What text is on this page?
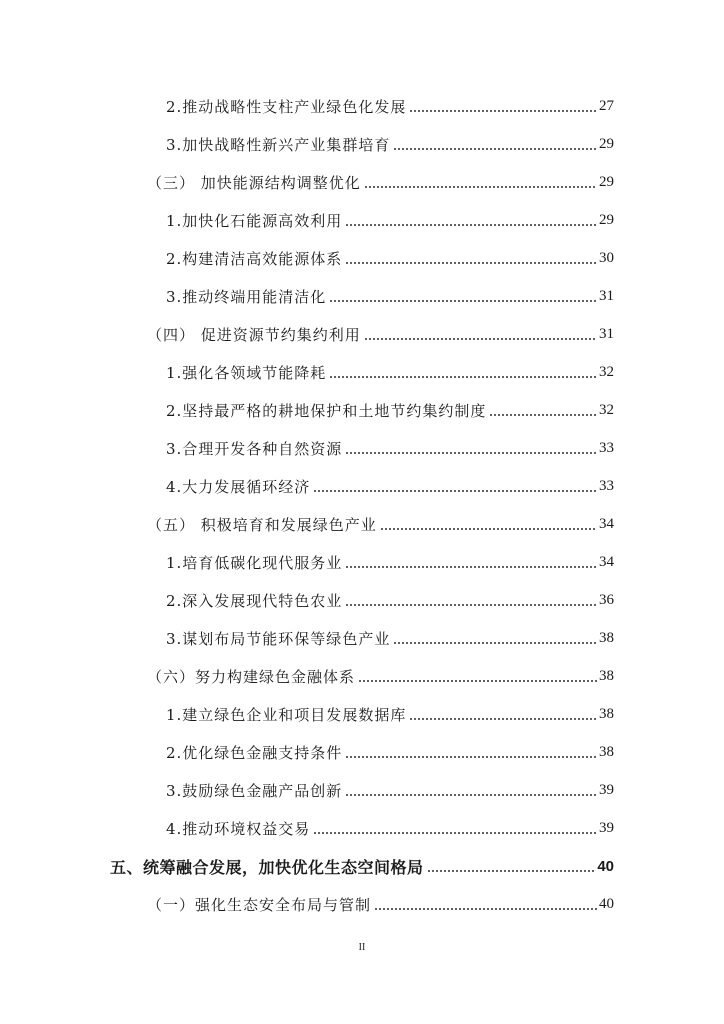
2.推动战略性支柱产业绿色化发展	27
3.加快战略性新兴产业集群培育	29
（三） 加快能源结构调整优化	29
1.加快化石能源高效利用	29
2.构建清洁高效能源体系	30
3.推动终端用能清洁化	31
（四） 促进资源节约集约利用	31
1.强化各领域节能降耗	32
2.坚持最严格的耕地保护和土地节约集约制度	32
3.合理开发各种自然资源	33
4.大力发展循环经济	33
（五） 积极培育和发展绿色产业	34
1.培育低碳化现代服务业	34
2.深入发展现代特色农业	36
3.谋划布局节能环保等绿色产业	38
（六）努力构建绿色金融体系	38
1.建立绿色企业和项目发展数据库	38
2.优化绿色金融支持条件	38
3.鼓励绿色金融产品创新	39
4.推动环境权益交易	39
五、统筹融合发展，加快优化生态空间格局	40
（一）强化生态安全布局与管制	40
II
